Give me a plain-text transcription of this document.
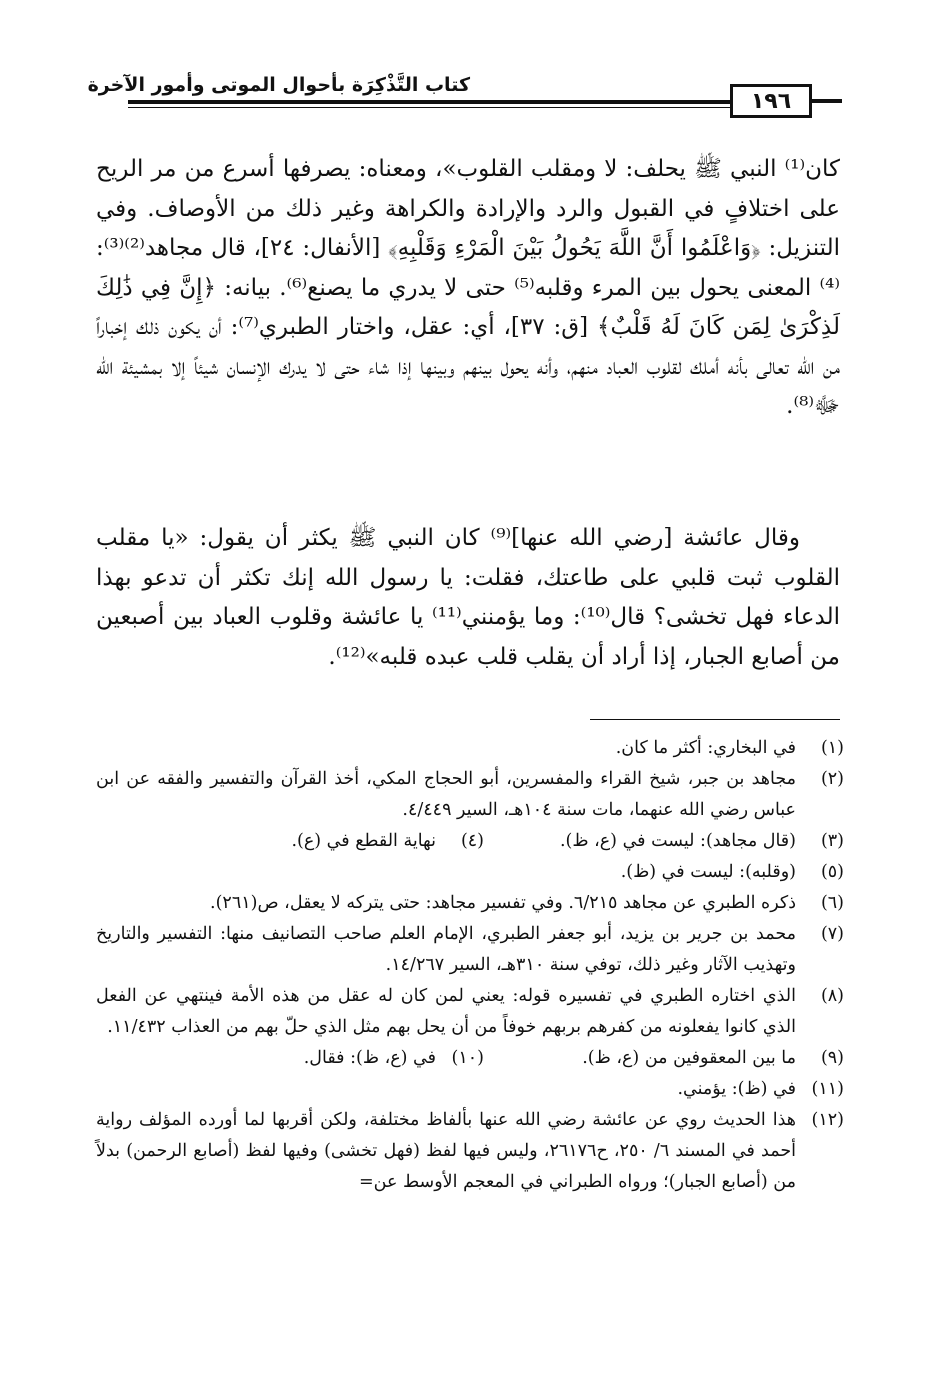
كتاب التَّذْكِرَة بأحوال الموتى وأمور الآخرة
١٩٦

كان⁽¹⁾ النبي ﷺ يحلف: لا ومقلب القلوب»، ومعناه: يصرفها أسرع من مر الريح على اختلافٍ في القبول والرد والإرادة والكراهة وغير ذلك من الأوصاف. وفي التنزيل: ﴿وَاعْلَمُوا أَنَّ اللَّهَ يَحُولُ بَيْنَ الْمَرْءِ وَقَلْبِهِ﴾ [الأنفال: ٢٤]، قال مجاهد⁽²⁾⁽³⁾:⁽⁴⁾ المعنى يحول بين المرء وقلبه⁽⁵⁾ حتى لا يدري ما يصنع⁽⁶⁾. بيانه: ﴿إِنَّ فِي ذَٰلِكَ لَذِكْرَىٰ لِمَن كَانَ لَهُ قَلْبٌ﴾ [ق: ٣٧]، أي: عقل، واختار الطبري⁽⁷⁾: أن يكون ذلك إخباراً من الله تعالى بأنه أملك لقلوب العباد منهم، وأنه يحول بينهم وبينها إذا شاء حتى لا يدرك الإنسان شيئاً إلا بمشيئة الله ﷻ⁽⁸⁾.

وقال عائشة [رضي الله عنها]⁽⁹⁾ كان النبي ﷺ يكثر أن يقول: «يا مقلب القلوب ثبت قلبي على طاعتك، فقلت: يا رسول الله إنك تكثر أن تدعو بهذا الدعاء فهل تخشى؟ قال⁽¹⁰⁾: وما يؤمنني⁽¹¹⁾ يا عائشة وقلوب العباد بين أصبعين من أصابع الجبار، إذا أراد أن يقلب قلب عبده قلبه»⁽¹²⁾.

(١)
في البخاري: أكثر ما كان.
(٢)
مجاهد بن جبر، شيخ القراء والمفسرين، أبو الحجاج المكي، أخذ القرآن والتفسير والفقه عن ابن عباس رضي الله عنهما، مات سنة ١٠٤هـ، السير ٤/٤٤٩.
(٣)
(قال مجاهد): ليست في (ع، ظ).
(٤)
نهاية القطع في (ع).
(٥)
(وقلبه): ليست في (ظ).
(٦)
ذكره الطبري عن مجاهد ٦/٢١٥. وفي تفسير مجاهد: حتى يتركه لا يعقل، ص(٢٦١).
(٧)
محمد بن جرير بن يزيد، أبو جعفر الطبري، الإمام العلم صاحب التصانيف منها: التفسير والتاريخ وتهذيب الآثار وغير ذلك، توفي سنة ٣١٠هـ، السير ١٤/٢٦٧.
(٨)
الذي اختاره الطبري في تفسيره قوله: يعني لمن كان له عقل من هذه الأمة فينتهي عن الفعل الذي كانوا يفعلونه من كفرهم بربهم خوفاً من أن يحل بهم مثل الذي حلّ بهم من العذاب ١١/٤٣٢.
(٩)
ما بين المعقوفين من (ع، ظ).
(١٠)
في (ع، ظ): فقال.
(١١)
في (ظ): يؤمني.
(١٢)
هذا الحديث روي عن عائشة رضي الله عنها بألفاظ مختلفة، ولكن أقربها لما أورده المؤلف رواية أحمد في المسند ٦/ ٢٥٠، ح٢٦١٧٦، وليس فيها لفظ (فهل تخشى) وفيها لفظ (أصابع الرحمن) بدلاً من (أصابع الجبار)؛ ورواه الطبراني في المعجم الأوسط عن=
